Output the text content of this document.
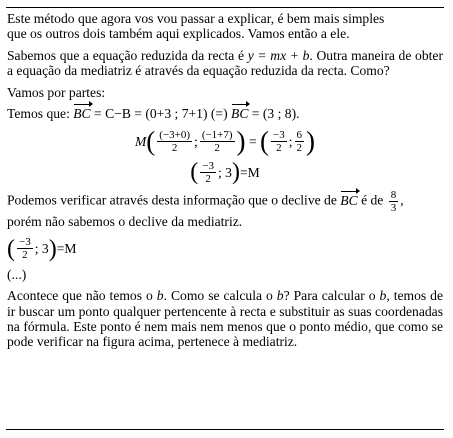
Este método que agora vos vou passar a explicar, é bem mais simples
que os outros dois também aqui explicados. Vamos então a ele.

Sabemos que a equação reduzida da recta é y = mx + b. Outra maneira de obter a equação da mediatriz é através da equação reduzida da recta. Como?

Vamos por partes:

Temos que: BC = C−B = (0+3 ; 7+1) (=) BC = (3 ; 8).

M ( $\frac{(-3+0)}{2}$ ; $\frac{(-1+7)}{2}$ )
=
( $\frac{-3}{2}$ ; $\frac{6}{2}$ )
( $\frac{-3}{2}$ ; 3 ) =M

Podemos verificar através desta informação que o declive de BC é de $\frac{8}{3}$ ,
porém não sabemos o declive da mediatriz.

( $\frac{-3}{2}$ ; 3 ) =M

(...)

Acontece que não temos o b. Como se calcula o b? Para calcular o b, temos de ir buscar um ponto qualquer pertencente à recta e substituir as suas coordenadas na fórmula. Este ponto é nem mais nem menos que o ponto médio, que como se pode verificar na figura acima, pertenece à mediatriz.
